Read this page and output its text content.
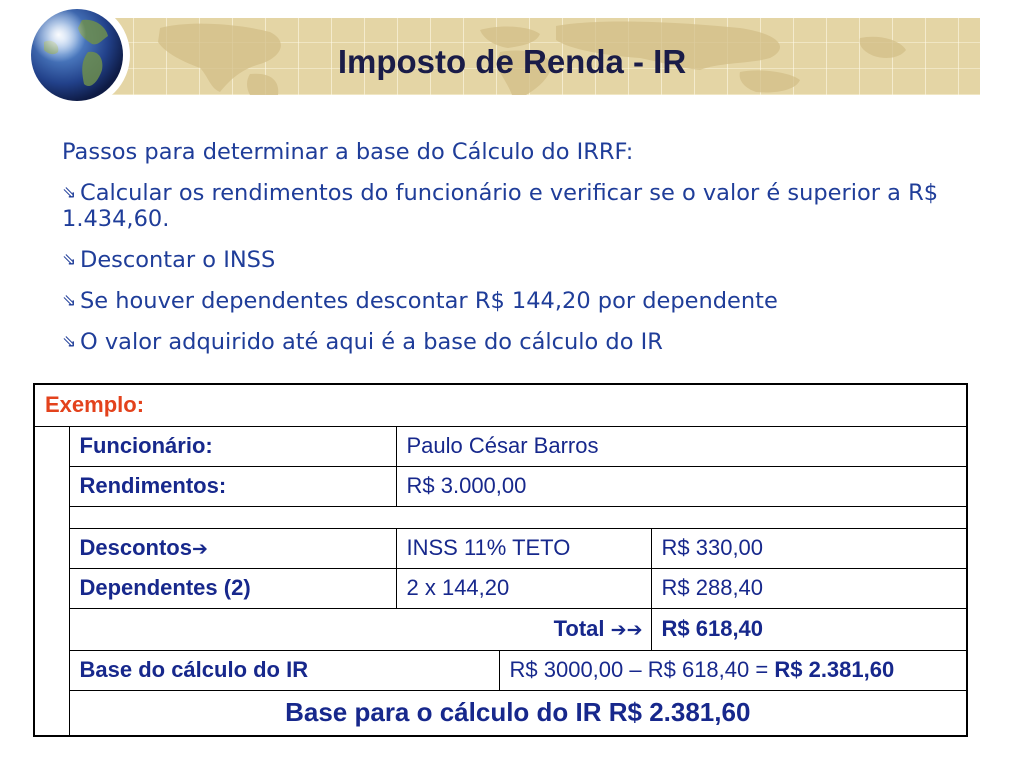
Imposto de Renda - IR

Passos para determinar a base do Cálculo do IRRF:

⇘ Calcular os rendimentos do funcionário e verificar se o valor é superior a R$ 1.434,60.

⇘ Descontar o INSS

⇘ Se houver dependentes descontar R$ 144,20 por dependente

⇘ O valor adquirido até aqui é a base do cálculo do IR

Exemplo:				
	Funcionário:	Paulo César Barros		
	Rendimentos:	R$ 3.000,00		

	Descontos➔	INSS 11% TETO		R$ 330,00
	Dependentes (2)	2 x 144,20		R$ 288,40
	Total ➔➔			R$ 618,40
	Base do cálculo do IR		R$ 3000,00 – R$ 618,40 = R$ 2.381,60	
	Base para o cálculo do IR R$ 2.381,60			
